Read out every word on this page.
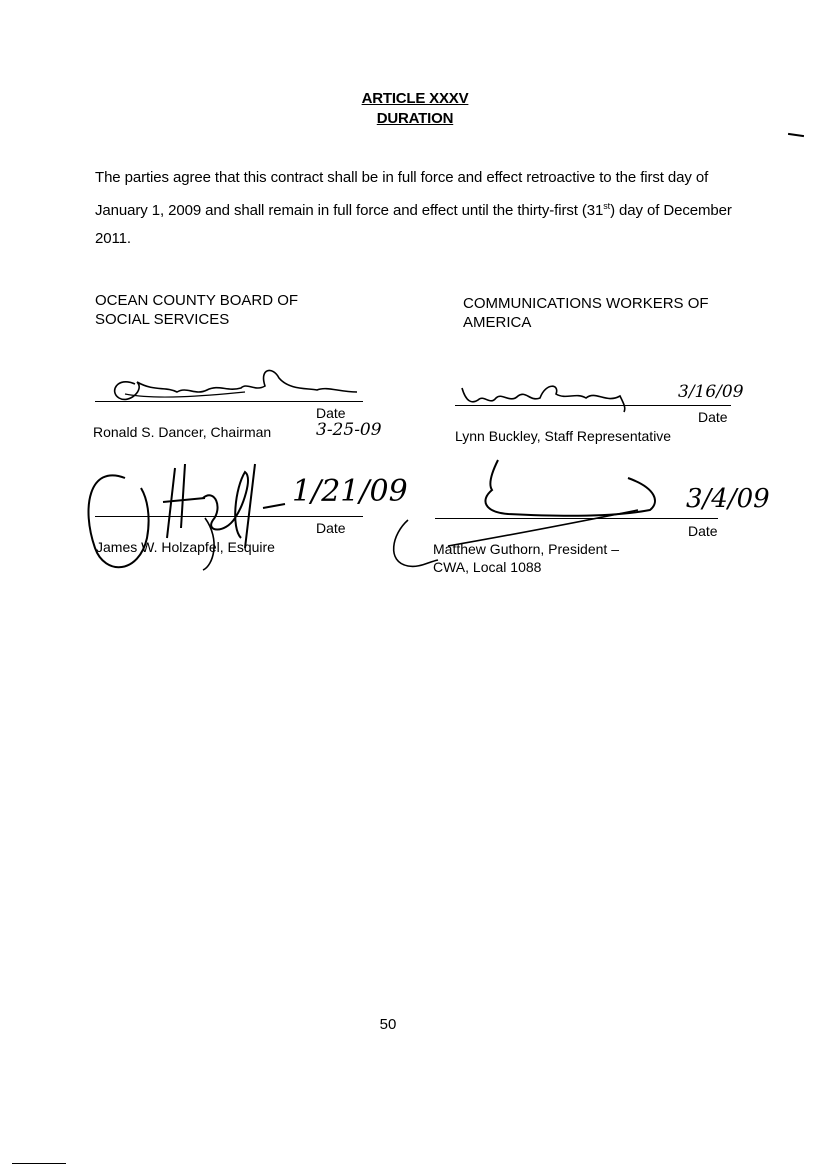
ARTICLE XXXV
DURATION
The parties agree that this contract shall be in full force and effect retroactive to the first day of January 1, 2009 and shall remain in full force and effect until the thirty-first (31st) day of December 2011.
OCEAN COUNTY BOARD OF
SOCIAL SERVICES
COMMUNICATIONS WORKERS OF
AMERICA
Date
Ronald S. Dancer, Chairman	3-25-09
3/16/09
Date
Lynn Buckley, Staff Representative
1/21/09
Date
James W. Holzapfel, Esquire
3/4/09
Date
Matthew Guthorn, President –
CWA, Local 1088
50
